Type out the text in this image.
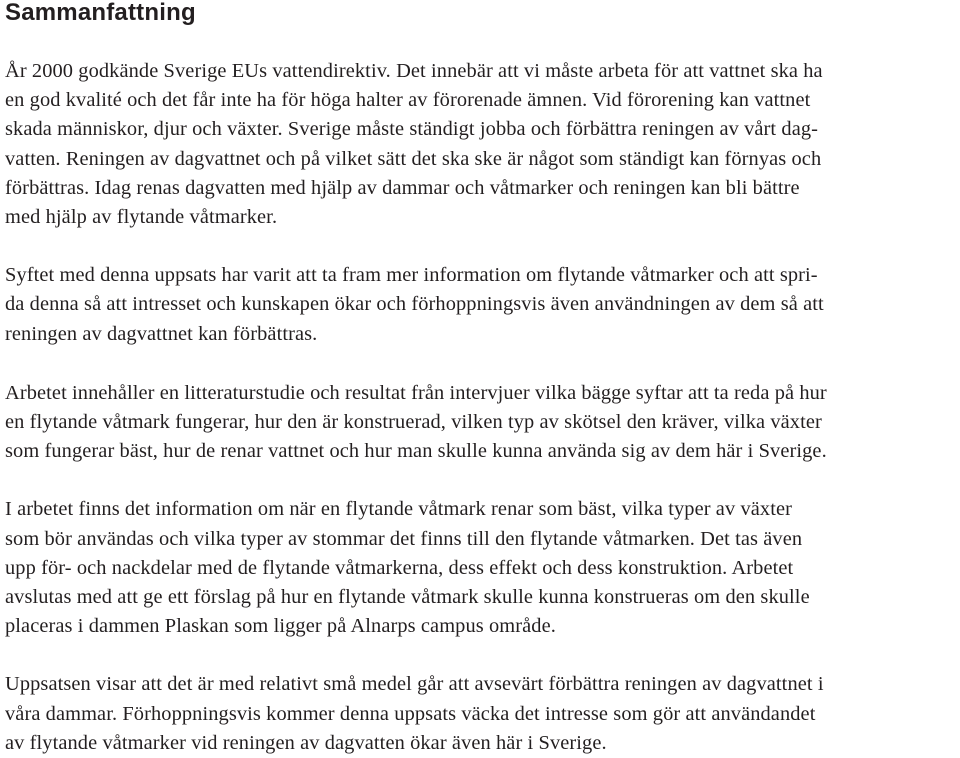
Sammanfattning

År 2000 godkände Sverige EUs vattendirektiv. Det innebär att vi måste arbeta för att vattnet ska ha
en god kvalité och det får inte ha för höga halter av förorenade ämnen. Vid förorening kan vattnet
skada människor, djur och växter. Sverige måste ständigt jobba och förbättra reningen av vårt dag-
vatten. Reningen av dagvattnet och på vilket sätt det ska ske är något som ständigt kan förnyas och
förbättras. Idag renas dagvatten med hjälp av dammar och våtmarker och reningen kan bli bättre
med hjälp av flytande våtmarker.

Syftet med denna uppsats har varit att ta fram mer information om flytande våtmarker och att spri-
da denna så att intresset och kunskapen ökar och förhoppningsvis även användningen av dem så att
reningen av dagvattnet kan förbättras.

Arbetet innehåller en litteraturstudie och resultat från intervjuer vilka bägge syftar att ta reda på hur
en flytande våtmark fungerar, hur den är konstruerad, vilken typ av skötsel den kräver, vilka växter
som fungerar bäst, hur de renar vattnet och hur man skulle kunna använda sig av dem här i Sverige.

I arbetet finns det information om när en flytande våtmark renar som bäst, vilka typer av växter
som bör användas och vilka typer av stommar det finns till den flytande våtmarken. Det tas även
upp för- och nackdelar med de flytande våtmarkerna, dess effekt och dess konstruktion. Arbetet
avslutas med att ge ett förslag på hur en flytande våtmark skulle kunna konstrueras om den skulle
placeras i dammen Plaskan som ligger på Alnarps campus område.

Uppsatsen visar att det är med relativt små medel går att avsevärt förbättra reningen av dagvattnet i
våra dammar. Förhoppningsvis kommer denna uppsats väcka det intresse som gör att användandet
av flytande våtmarker vid reningen av dagvatten ökar även här i Sverige.
